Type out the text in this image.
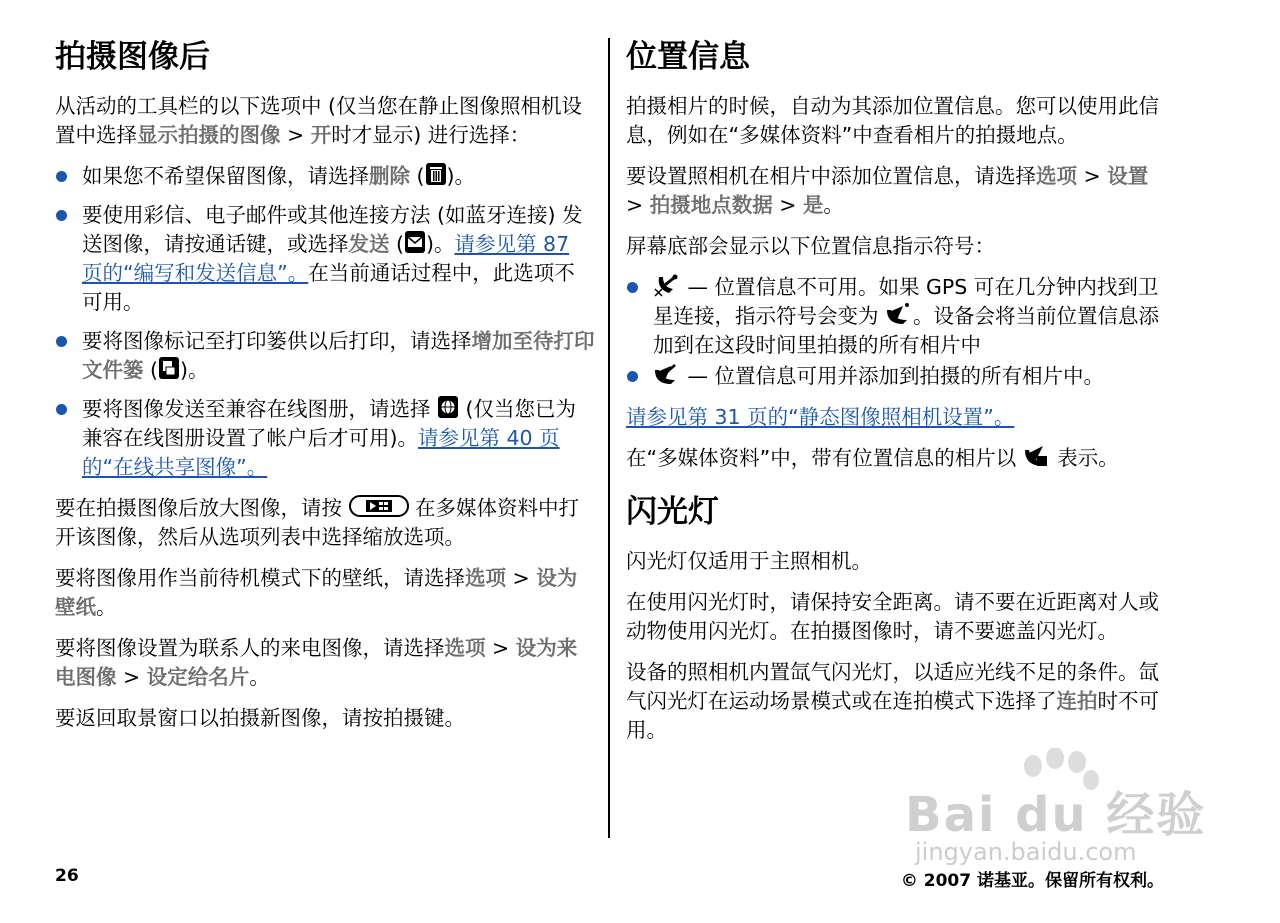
拍摄图像后

从活动的工具栏的以下选项中 (仅当您在静止图像照相机设置中选择显示拍摄的图像 > 开时才显示) 进行选择：

如果您不希望保留图像，请选择删除 ( )。
要使用彩信、电子邮件或其他连接方法 (如蓝牙连接) 发送图像，请按通话键，或选择发送 ( )。请参见第 87 页的“编写和发送信息”。在当前通话过程中，此选项不可用。
要将图像标记至打印篓供以后打印，请选择增加至待打印文件篓 ( )。
要将图像发送至兼容在线图册，请选择  (仅当您已为兼容在线图册设置了帐户后才可用)。请参见第 40 页的“在线共享图像”。

要在拍摄图像后放大图像，请按	在多媒体资料中打开该图像，然后从选项列表中选择缩放选项。

要将图像用作当前待机模式下的壁纸，请选择选项 > 设为壁纸。

要将图像设置为联系人的来电图像，请选择选项 > 设为来电图像 > 设定给名片。

要返回取景窗口以拍摄新图像，请按拍摄键。

位置信息

拍摄相片的时候，自动为其添加位置信息。您可以使用此信息，例如在“多媒体资料”中查看相片的拍摄地点。

要设置照相机在相片中添加位置信息，请选择选项 > 设置 > 拍摄地点数据 > 是。

屏幕底部会显示以下位置信息指示符号：

— 位置信息不可用。如果 GPS 可在几分钟内找到卫星连接，指示符号会变为 。设备会将当前位置信息添加到在这段时间里拍摄的所有相片中
— 位置信息可用并添加到拍摄的所有相片中。

请参见第 31 页的“静态图像照相机设置”。

在“多媒体资料”中，带有位置信息的相片以  表示。

闪光灯

闪光灯仅适用于主照相机。

在使用闪光灯时，请保持安全距离。请不要在近距离对人或动物使用闪光灯。在拍摄图像时，请不要遮盖闪光灯。

设备的照相机内置氙气闪光灯，以适应光线不足的条件。氙气闪光灯在运动场景模式或在连拍模式下选择了连拍时不可用。

Bai du 经验
jingyan.baidu.com
26	© 2007 诺基亚。保留所有权利。
